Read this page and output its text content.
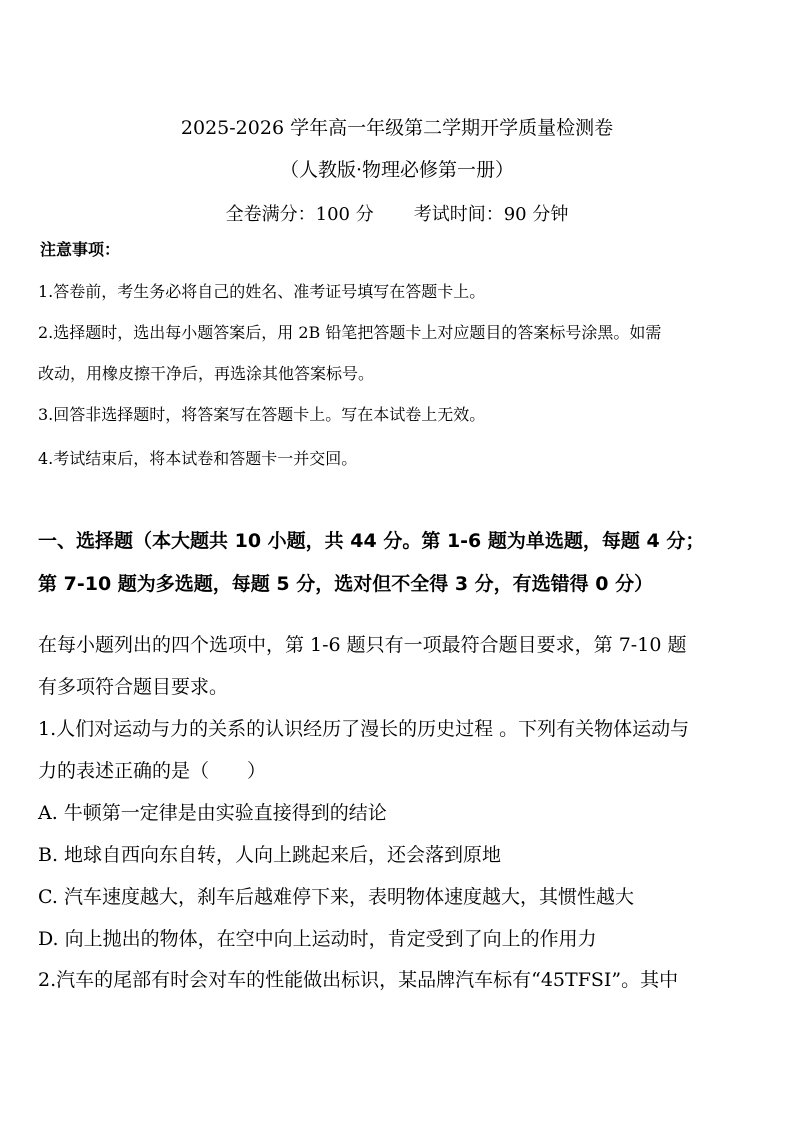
2025-2026 学年高一年级第二学期开学质量检测卷
（人教版·物理必修第一册）
全卷满分：100 分 考试时间：90 分钟
注意事项：
1.答卷前，考生务必将自己的姓名、准考证号填写在答题卡上。
2.选择题时，选出每小题答案后，用 2B 铅笔把答题卡上对应题目的答案标号涂黑。如需
改动，用橡皮擦干净后，再选涂其他答案标号。
3.回答非选择题时，将答案写在答题卡上。写在本试卷上无效。
4.考试结束后，将本试卷和答题卡一并交回。
一、选择题（本大题共 10 小题，共 44 分。第 1-6 题为单选题，每题 4 分；
第 7-10 题为多选题，每题 5 分，选对但不全得 3 分，有选错得 0 分）
在每小题列出的四个选项中，第 1-6 题只有一项最符合题目要求，第 7-10 题
有多项符合题目要求。
1.人们对运动与力的关系的认识经历了漫长的历史过程 。下列有关物体运动与
力的表述正确的是（　　）
A. 牛顿第一定律是由实验直接得到的结论
B. 地球自西向东自转，人向上跳起来后，还会落到原地
C. 汽车速度越大，刹车后越难停下来，表明物体速度越大，其惯性越大
D. 向上抛出的物体，在空中向上运动时，肯定受到了向上的作用力
2.汽车的尾部有时会对车的性能做出标识，某品牌汽车标有“45TFSI”。其中
